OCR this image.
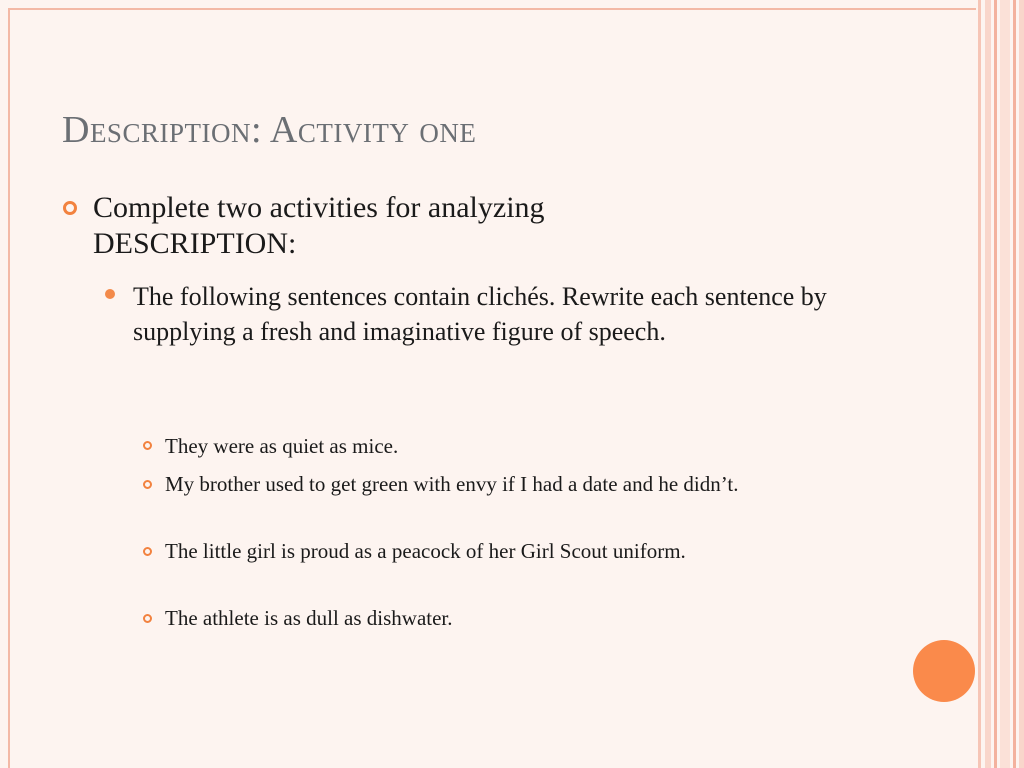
Description: Activity one
Complete two activities for analyzing DESCRIPTION:
The following sentences contain clichés. Rewrite each sentence by supplying a fresh and imaginative figure of speech.
They were as quiet as mice.
My brother used to get green with envy if I had a date and he didn’t.
The little girl is proud as a peacock of her Girl Scout uniform.
The athlete is as dull as dishwater.
